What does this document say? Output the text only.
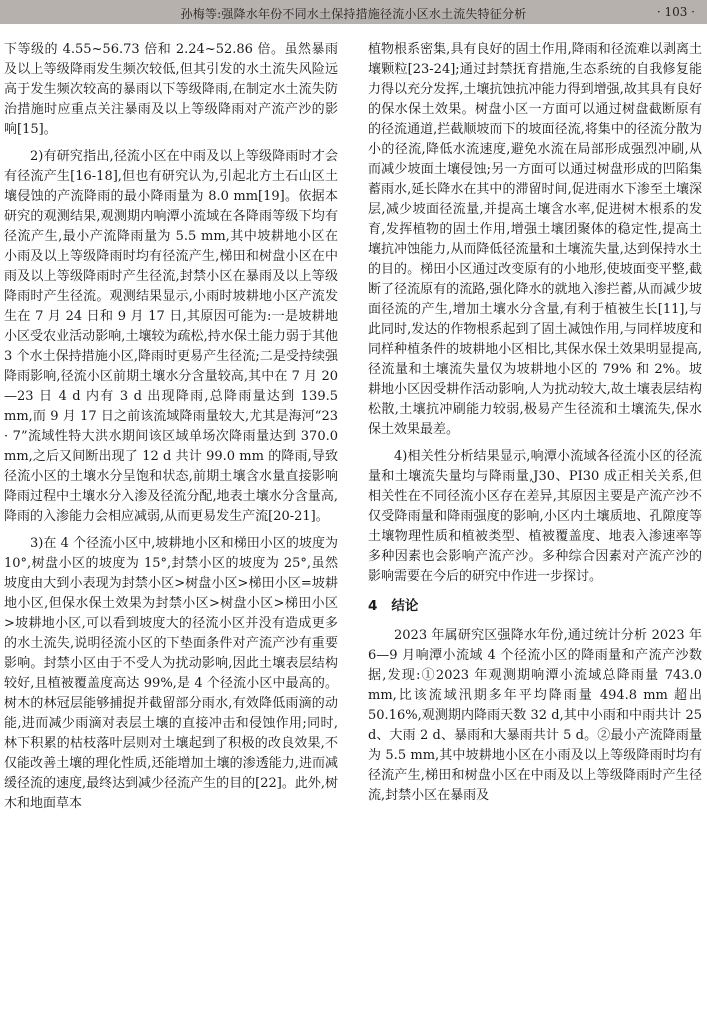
孙梅等:强降水年份不同水土保持措施径流小区水土流失特征分析	· 103 ·

下等级的 4.55~56.73 倍和 2.24~52.86 倍。虽然暴雨及以上等级降雨发生频次较低,但其引发的水土流失风险远高于发生频次较高的暴雨以下等级降雨,在制定水土流失防治措施时应重点关注暴雨及以上等级降雨对产流产沙的影响[15]。

2)有研究指出,径流小区在中雨及以上等级降雨时才会有径流产生[16-18],但也有研究认为,引起北方土石山区土壤侵蚀的产流降雨的最小降雨量为 8.0 mm[19]。依据本研究的观测结果,观测期内响潭小流域在各降雨等级下均有径流产生,最小产流降雨量为 5.5 mm,其中坡耕地小区在小雨及以上等级降雨时均有径流产生,梯田和树盘小区在中雨及以上等级降雨时产生径流,封禁小区在暴雨及以上等级降雨时产生径流。观测结果显示,小雨时坡耕地小区产流发生在 7 月 24 日和 9 月 17 日,其原因可能为:一是坡耕地小区受农业活动影响,土壤较为疏松,持水保土能力弱于其他 3 个水土保持措施小区,降雨时更易产生径流;二是受持续强降雨影响,径流小区前期土壤水分含量较高,其中在 7 月 20—23 日 4 d 内有 3 d 出现降雨,总降雨量达到 139.5 mm,而 9 月 17 日之前该流域降雨量较大,尤其是海河“23 · 7”流域性特大洪水期间该区域单场次降雨量达到 370.0 mm,之后又间断出现了 12 d 共计 99.0 mm 的降雨,导致径流小区的土壤水分呈饱和状态,前期土壤含水量直接影响降雨过程中土壤水分入渗及径流分配,地表土壤水分含量高,降雨的入渗能力会相应减弱,从而更易发生产流[20-21]。

3)在 4 个径流小区中,坡耕地小区和梯田小区的坡度为 10°,树盘小区的坡度为 15°,封禁小区的坡度为 25°,虽然坡度由大到小表现为封禁小区>树盘小区>梯田小区=坡耕地小区,但保水保土效果为封禁小区>树盘小区>梯田小区>坡耕地小区,可以看到坡度大的径流小区并没有造成更多的水土流失,说明径流小区的下垫面条件对产流产沙有重要影响。封禁小区由于不受人为扰动影响,因此土壤表层结构较好,且植被覆盖度高达 99%,是 4 个径流小区中最高的。树木的林冠层能够捕捉并截留部分雨水,有效降低雨滴的动能,进而减少雨滴对表层土壤的直接冲击和侵蚀作用;同时,林下积累的枯枝落叶层则对土壤起到了积极的改良效果,不仅能改善土壤的理化性质,还能增加土壤的渗透能力,进而减缓径流的速度,最终达到减少径流产生的目的[22]。此外,树木和地面草本

植物根系密集,具有良好的固土作用,降雨和径流难以剥离土壤颗粒[23-24];通过封禁抚育措施,生态系统的自我修复能力得以充分发挥,土壤抗蚀抗冲能力得到增强,故其具有良好的保水保土效果。树盘小区一方面可以通过树盘截断原有的径流通道,拦截顺坡而下的坡面径流,将集中的径流分散为小的径流,降低水流速度,避免水流在局部形成强烈冲刷,从而减少坡面土壤侵蚀;另一方面可以通过树盘形成的凹陷集蓄雨水,延长降水在其中的滞留时间,促进雨水下渗至土壤深层,减少坡面径流量,并提高土壤含水率,促进树木根系的发育,发挥植物的固土作用,增强土壤团聚体的稳定性,提高土壤抗冲蚀能力,从而降低径流量和土壤流失量,达到保持水土的目的。梯田小区通过改变原有的小地形,使坡面变平整,截断了径流原有的流路,强化降水的就地入渗拦蓄,从而减少坡面径流的产生,增加土壤水分含量,有利于植被生长[11],与此同时,发达的作物根系起到了固土减蚀作用,与同样坡度和同样种植条件的坡耕地小区相比,其保水保土效果明显提高,径流量和土壤流失量仅为坡耕地小区的 79% 和 2%。坡耕地小区因受耕作活动影响,人为扰动较大,故土壤表层结构松散,土壤抗冲刷能力较弱,极易产生径流和土壤流失,保水保土效果最差。

4)相关性分析结果显示,响潭小流域各径流小区的径流量和土壤流失量均与降雨量,J30、PI30 成正相关关系,但相关性在不同径流小区存在差异,其原因主要是产流产沙不仅受降雨量和降雨强度的影响,小区内土壤质地、孔隙度等土壤物理性质和植被类型、植被覆盖度、地表入渗速率等多种因素也会影响产流产沙。多种综合因素对产流产沙的影响需要在今后的研究中作进一步探讨。

4 结论

2023 年属研究区强降水年份,通过统计分析 2023 年 6—9 月响潭小流域 4 个径流小区的降雨量和产流产沙数据,发现:①2023 年观测期响潭小流域总降雨量 743.0 mm,比该流域汛期多年平均降雨量 494.8 mm 超出 50.16%,观测期内降雨天数 32 d,其中小雨和中雨共计 25 d、大雨 2 d、暴雨和大暴雨共计 5 d。②最小产流降雨量为 5.5 mm,其中坡耕地小区在小雨及以上等级降雨时均有径流产生,梯田和树盘小区在中雨及以上等级降雨时产生径流,封禁小区在暴雨及
